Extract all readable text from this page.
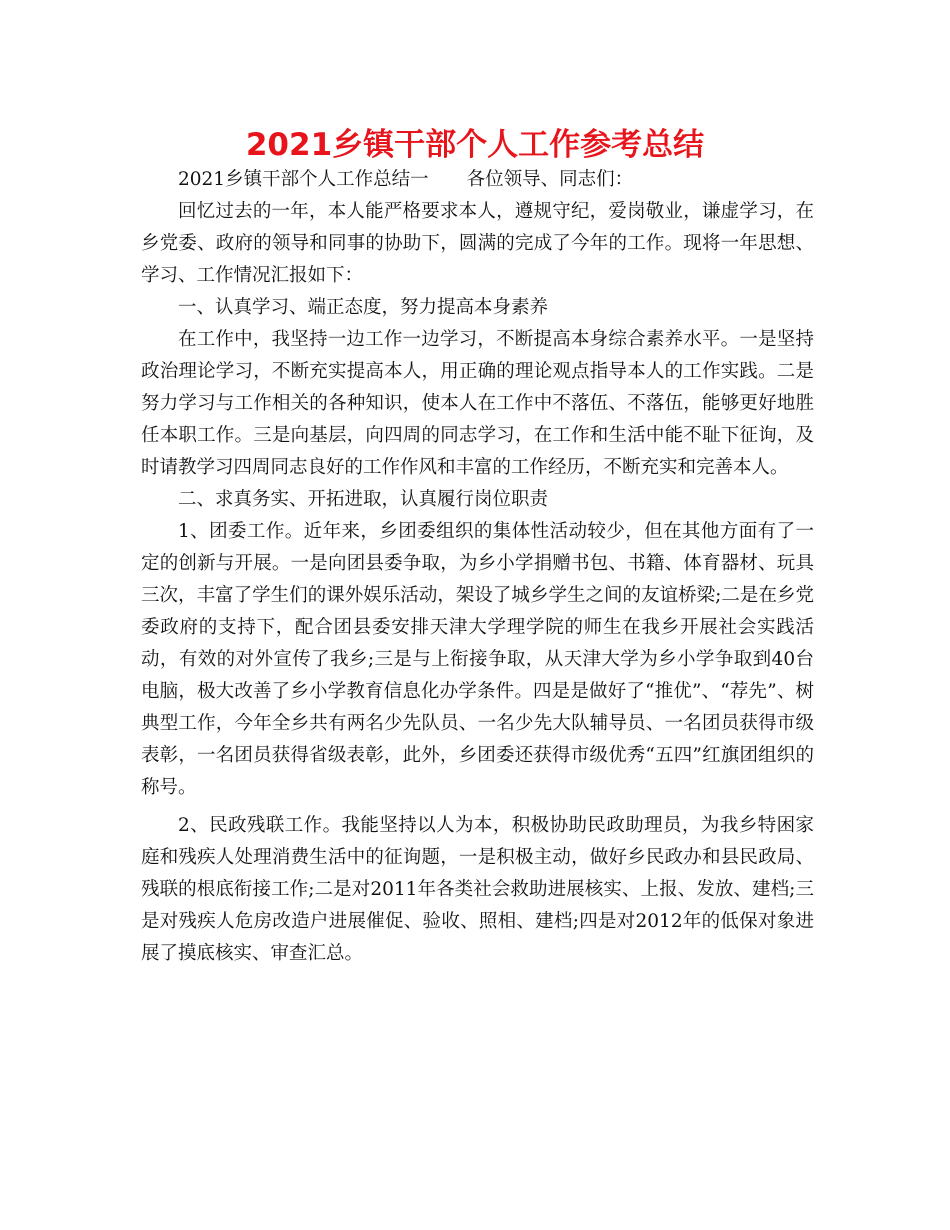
2021乡镇干部个人工作参考总结

2021乡镇干部个人工作总结一 各位领导、同志们：

回忆过去的一年，本人能严格要求本人，遵规守纪，爱岗敬业，谦虚学习，在乡党委、政府的领导和同事的协助下，圆满的完成了今年的工作。现将一年思想、学习、工作情况汇报如下：

一、认真学习、端正态度，努力提高本身素养

在工作中，我坚持一边工作一边学习，不断提高本身综合素养水平。一是坚持政治理论学习，不断充实提高本人，用正确的理论观点指导本人的工作实践。二是努力学习与工作相关的各种知识，使本人在工作中不落伍、不落伍，能够更好地胜任本职工作。三是向基层，向四周的同志学习，在工作和生活中能不耻下征询，及时请教学习四周同志良好的工作作风和丰富的工作经历，不断充实和完善本人。

二、求真务实、开拓进取，认真履行岗位职责

1、团委工作。近年来，乡团委组织的集体性活动较少，但在其他方面有了一定的创新与开展。一是向团县委争取，为乡小学捐赠书包、书籍、体育器材、玩具三次，丰富了学生们的课外娱乐活动，架设了城乡学生之间的友谊桥梁;二是在乡党委政府的支持下，配合团县委安排天津大学理学院的师生在我乡开展社会实践活动，有效的对外宣传了我乡;三是与上衔接争取，从天津大学为乡小学争取到40台电脑，极大改善了乡小学教育信息化办学条件。四是是做好了“推优”、“荐先”、树典型工作，今年全乡共有两名少先队员、一名少先大队辅导员、一名团员获得市级表彰，一名团员获得省级表彰，此外，乡团委还获得市级优秀“五四”红旗团组织的称号。

2、民政残联工作。我能坚持以人为本，积极协助民政助理员，为我乡特困家庭和残疾人处理消费生活中的征询题，一是积极主动，做好乡民政办和县民政局、残联的根底衔接工作;二是对2011年各类社会救助进展核实、上报、发放、建档;三是对残疾人危房改造户进展催促、验收、照相、建档;四是对2012年的低保对象进展了摸底核实、审查汇总。
